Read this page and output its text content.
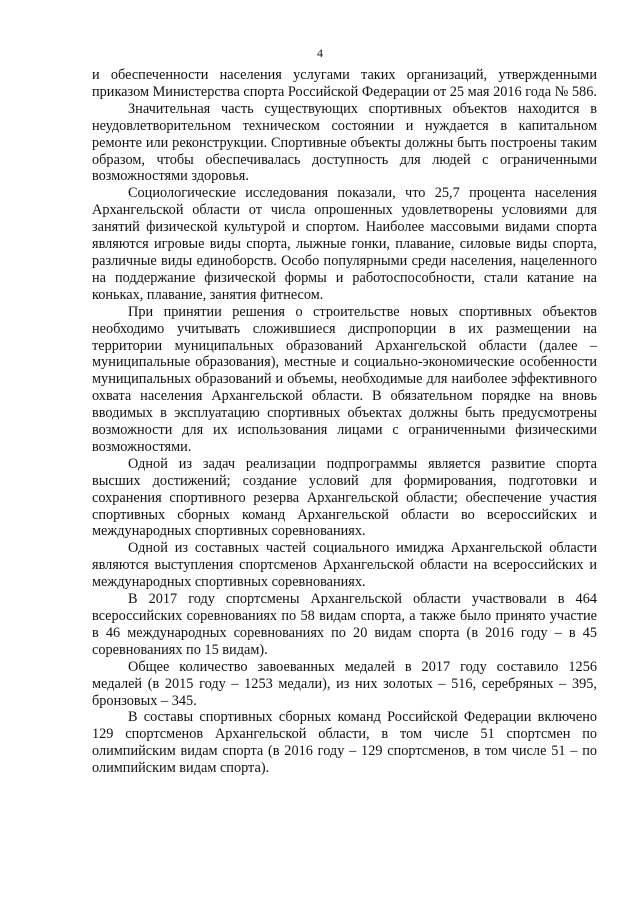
4

и обеспеченности населения услугами таких организаций, утвержденными приказом Министерства спорта Российской Федерации от 25 мая 2016 года № 586.

Значительная часть существующих спортивных объектов находится в неудовлетворительном техническом состоянии и нуждается в капитальном ремонте или реконструкции. Спортивные объекты должны быть построены таким образом, чтобы обеспечивалась доступность для людей с ограниченными возможностями здоровья.

Социологические исследования показали, что 25,7 процента населения Архангельской области от числа опрошенных удовлетворены условиями для занятий физической культурой и спортом. Наиболее массовыми видами спорта являются игровые виды спорта, лыжные гонки, плавание, силовые виды спорта, различные виды единоборств. Особо популярными среди населения, нацеленного на поддержание физической формы и работоспособности, стали катание на коньках, плавание, занятия фитнесом.

При принятии решения о строительстве новых спортивных объектов необходимо учитывать сложившиеся диспропорции в их размещении на территории муниципальных образований Архангельской области (далее – муниципальные образования), местные и социально-экономические особенности муниципальных образований и объемы, необходимые для наиболее эффективного охвата населения Архангельской области. В обязательном порядке на вновь вводимых в эксплуатацию спортивных объектах должны быть предусмотрены возможности для их использования лицами с ограниченными физическими возможностями.

Одной из задач реализации подпрограммы является развитие спорта высших достижений; создание условий для формирования, подготовки и сохранения спортивного резерва Архангельской области; обеспечение участия спортивных сборных команд Архангельской области во всероссийских и международных спортивных соревнованиях.

Одной из составных частей социального имиджа Архангельской области являются выступления спортсменов Архангельской области на всероссийских и международных спортивных соревнованиях.

В 2017 году спортсмены Архангельской области участвовали в 464 всероссийских соревнованиях по 58 видам спорта, а также было принято участие в 46 международных соревнованиях по 20 видам спорта (в 2016 году – в 45 соревнованиях по 15 видам).

Общее количество завоеванных медалей в 2017 году составило 1256 медалей (в 2015 году – 1253 медали), из них золотых – 516, серебряных – 395, бронзовых – 345.

В составы спортивных сборных команд Российской Федерации включено 129 спортсменов Архангельской области, в том числе 51 спортсмен по олимпийским видам спорта (в 2016 году – 129 спортсменов, в том числе 51 – по олимпийским видам спорта).
